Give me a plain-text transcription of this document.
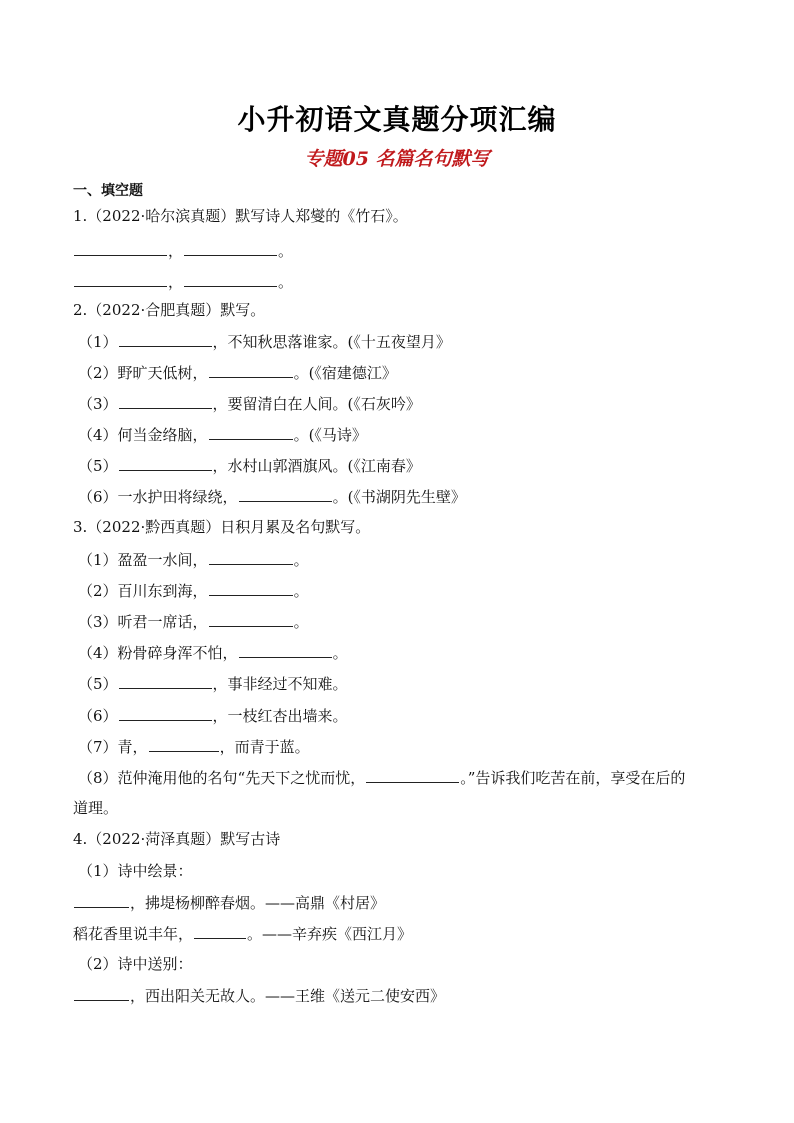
小升初语文真题分项汇编
专题05 名篇名句默写
一、填空题
1.（2022·哈尔滨真题）默写诗人郑燮的《竹石》。
，	。
，	。
2.（2022·合肥真题）默写。
（1）	，不知秋思落谁家。(《十五夜望月》
（2）野旷天低树，	。(《宿建德江》
（3）	，要留清白在人间。(《石灰吟》
（4）何当金络脑，	。(《马诗》
（5）	，水村山郭酒旗风。(《江南春》
（6）一水护田将绿绕，	。(《书湖阴先生壁》
3.（2022·黔西真题）日积月累及名句默写。
（1）盈盈一水间，	。
（2）百川东到海，	。
（3）听君一席话，	。
（4）粉骨碎身浑不怕，	。
（5）	，事非经过不知难。
（6）	，一枝红杏出墙来。
（7）青，	，而青于蓝。
（8）范仲淹用他的名句“先天下之忧而忧，	。”告诉我们吃苦在前，享受在后的
道理。
4.（2022·菏泽真题）默写古诗
（1）诗中绘景：
，拂堤杨柳醉春烟。——高鼎《村居》
稻花香里说丰年，	。——辛弃疾《西江月》
（2）诗中送别：
，西出阳关无故人。——王维《送元二使安西》
